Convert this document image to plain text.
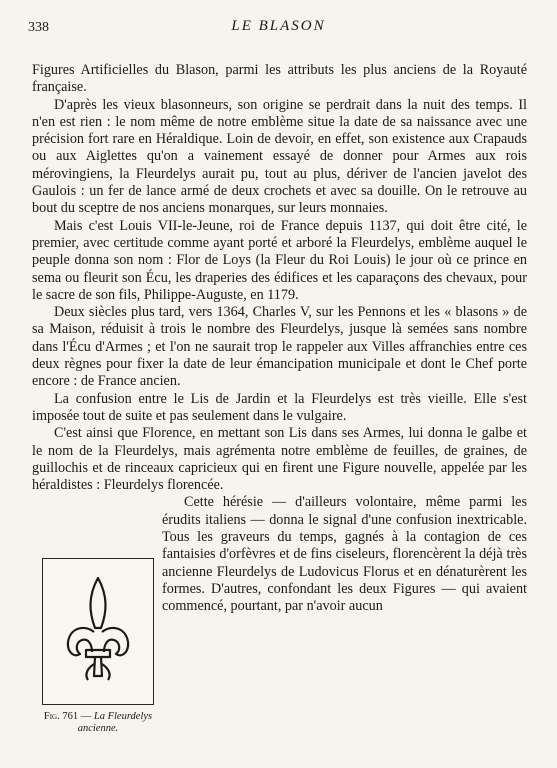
338	LE BLASON

Figures Artificielles du Blason, parmi les attributs les plus anciens de la Royauté française.

D'après les vieux blasonneurs, son origine se perdrait dans la nuit des temps. Il n'en est rien : le nom même de notre emblème situe la date de sa naissance avec une précision fort rare en Héraldique. Loin de devoir, en effet, son existence aux Crapauds ou aux Aiglettes qu'on a vainement essayé de donner pour Armes aux rois mérovingiens, la Fleurdelys aurait pu, tout au plus, dériver de l'ancien javelot des Gaulois : un fer de lance armé de deux crochets et avec sa douille. On le retrouve au bout du sceptre de nos anciens monarques, sur leurs monnaies.

Mais c'est Louis VII-le-Jeune, roi de France depuis 1137, qui doit être cité, le premier, avec certitude comme ayant porté et arboré la Fleurdelys, emblème auquel le peuple donna son nom : Flor de Loys (la Fleur du Roi Louis) le jour où ce prince en sema ou fleurit son Écu, les draperies des édifices et les caparaçons des chevaux, pour le sacre de son fils, Philippe-Auguste, en 1179.

Deux siècles plus tard, vers 1364, Charles V, sur les Pennons et les « blasons » de sa Maison, réduisit à trois le nombre des Fleurdelys, jusque là semées sans nombre dans l'Écu d'Armes ; et l'on ne saurait trop le rappeler aux Villes affranchies entre ces deux règnes pour fixer la date de leur émancipation municipale et dont le Chef porte encore : de France ancien.

La confusion entre le Lis de Jardin et la Fleurdelys est très vieille. Elle s'est imposée tout de suite et pas seulement dans le vulgaire.

C'est ainsi que Florence, en mettant son Lis dans ses Armes, lui donna le galbe et le nom de la Fleurdelys, mais agrémenta notre emblème de feuilles, de graines, de guillochis et de rinceaux capricieux qui en firent une Figure nouvelle, appelée par les héraldistes : Fleurdelys florencée.

Cette hérésie — d'ailleurs volontaire, même parmi les érudits italiens — donna le signal d'une confusion inextricable. Tous les graveurs du temps, gagnés à la contagion de ces fantaisies d'orfèvres et de fins ciseleurs, florencèrent la déjà très ancienne Fleurdelys de Ludovicus Florus et en dénaturèrent les formes. D'autres, confondant les deux Figures — qui avaient commencé, pourtant, par n'avoir aucun

Fig. 761 — La Fleurdelys ancienne.
